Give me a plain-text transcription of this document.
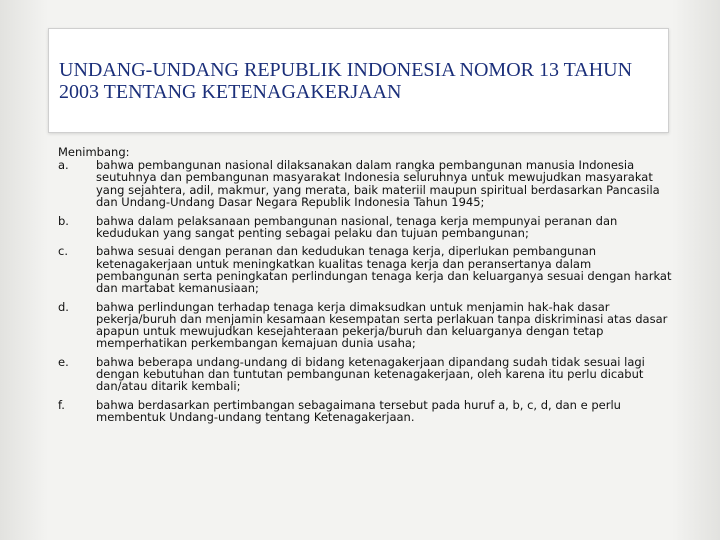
UNDANG-UNDANG REPUBLIK INDONESIA NOMOR 13 TAHUN 2003 TENTANG KETENAGAKERJAAN
Menimbang:
a.	bahwa pembangunan nasional dilaksanakan dalam rangka pembangunan manusia Indonesia seutuhnya dan pembangunan masyarakat Indonesia seluruhnya untuk mewujudkan masyarakat yang sejahtera, adil, makmur, yang merata, baik materiil maupun spiritual berdasarkan Pancasila dan Undang-Undang Dasar Negara Republik Indonesia Tahun 1945;
b.	bahwa dalam pelaksanaan pembangunan nasional, tenaga kerja mempunyai peranan dan kedudukan yang sangat penting sebagai pelaku dan tujuan pembangunan;
c.	bahwa sesuai dengan peranan dan kedudukan tenaga kerja, diperlukan pembangunan ketenagakerjaan untuk meningkatkan kualitas tenaga kerja dan peransertanya dalam pembangunan serta peningkatan perlindungan tenaga kerja dan keluarganya sesuai dengan harkat dan martabat kemanusiaan;
d.	bahwa perlindungan terhadap tenaga kerja dimaksudkan untuk menjamin hak-hak dasar pekerja/buruh dan menjamin kesamaan kesempatan serta perlakuan tanpa diskriminasi atas dasar apapun untuk mewujudkan kesejahteraan pekerja/buruh dan keluarganya dengan tetap memperhatikan perkembangan kemajuan dunia usaha;
e.	bahwa beberapa undang-undang di bidang ketenagakerjaan dipandang sudah tidak sesuai lagi dengan kebutuhan dan tuntutan pembangunan ketenagakerjaan, oleh karena itu perlu dicabut dan/atau ditarik kembali;
f.	bahwa berdasarkan pertimbangan sebagaimana tersebut pada huruf a, b, c, d, dan e perlu membentuk Undang-undang tentang Ketenagakerjaan.
